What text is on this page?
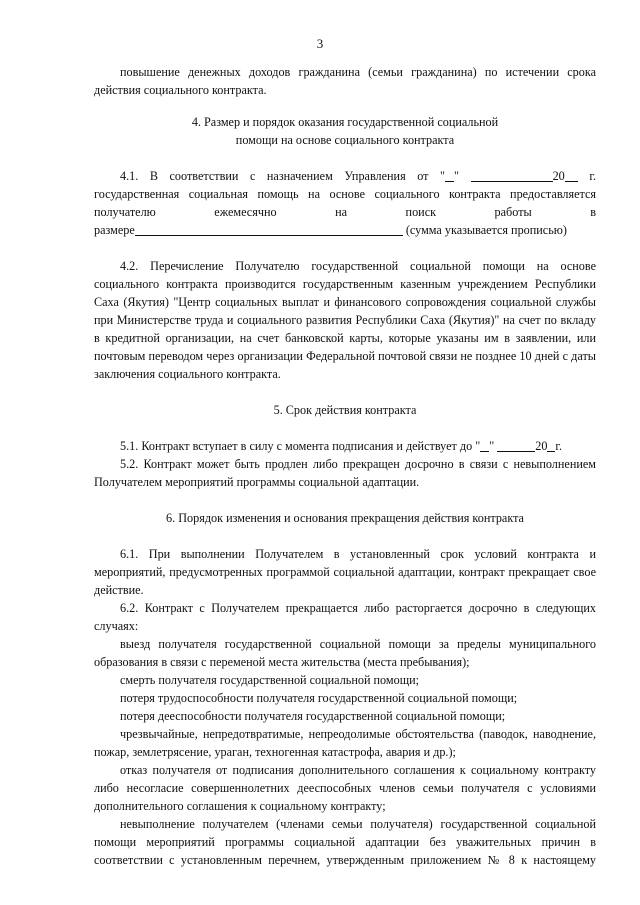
3

повышение денежных доходов гражданина (семьи гражданина) по истечении срока

действия социального контракта.

4. Размер и порядок оказания государственной социальной

помощи на основе социального контракта

4.1. В соответствии с назначением Управления от " "	20 г.

государственная социальная помощь на основе социального контракта предоставляется

получателю ежемесячно на поиск работы в

размере	(сумма указывается прописью)

4.2. Перечисление Получателю государственной социальной помощи на основе социального контракта производится государственным казенным учреждением Республики Саха (Якутия) "Центр социальных выплат и финансового сопровождения социальной службы при Министерстве труда и социального развития Республики Саха (Якутия)" на счет по вкладу в кредитной организации, на счет банковской карты, которые указаны им в заявлении, или почтовым переводом через организации Федеральной почтовой связи не позднее 10 дней с даты заключения социального контракта.

5. Срок действия контракта

5.1. Контракт вступает в силу с момента подписания и действует до " "	20 г.

5.2. Контракт может быть продлен либо прекращен досрочно в связи с невыполнением Получателем мероприятий программы социальной адаптации.

6. Порядок изменения и основания прекращения действия контракта

6.1. При выполнении Получателем в установленный срок условий контракта и мероприятий, предусмотренных программой социальной адаптации, контракт прекращает свое действие.

6.2. Контракт с Получателем прекращается либо расторгается досрочно в следующих случаях:

выезд получателя государственной социальной помощи за пределы муниципального образования в связи с переменой места жительства (места пребывания);

смерть получателя государственной социальной помощи;

потеря трудоспособности получателя государственной социальной помощи;

потеря дееспособности получателя государственной социальной помощи;

чрезвычайные, непредотвратимые, непреодолимые обстоятельства (паводок, наводнение, пожар, землетрясение, ураган, техногенная катастрофа, авария и др.);

отказ получателя от подписания дополнительного соглашения к социальному контракту либо несогласие совершеннолетних дееспособных членов семьи получателя с условиями дополнительного соглашения к социальному контракту;

невыполнение получателем (членами семьи получателя) государственной социальной помощи мероприятий программы социальной адаптации без уважительных причин в соответствии с установленным перечнем, утвержденным приложением № 8 к настоящему
